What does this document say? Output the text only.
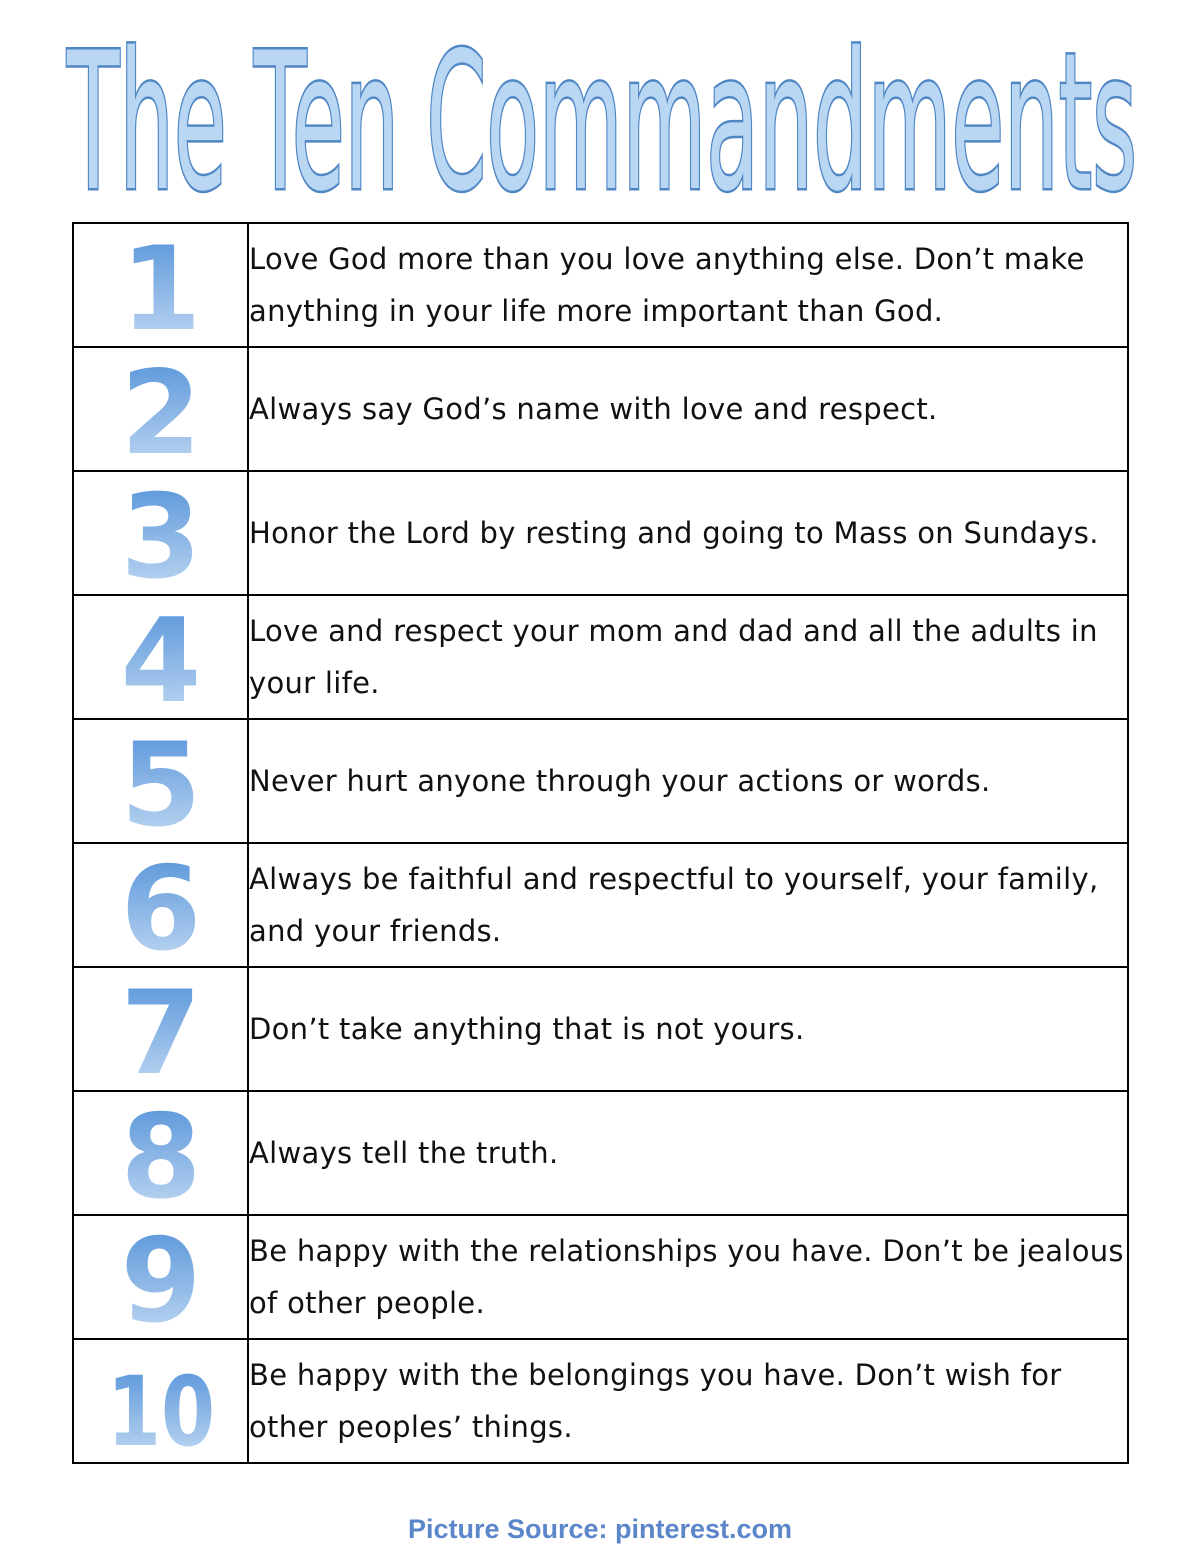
The Ten Commandments
1	Love God more than you love anything else. Don’t make anything in your life more important than God.

2	Always say God’s name with love and respect.

3	Honor the Lord by resting and going to Mass on Sundays.

4	Love and respect your mom and dad and all the adults in your life.

5	Never hurt anyone through your actions or words.

6	Always be faithful and respectful to yourself, your family, and your friends.

7	Don’t take anything that is not yours.

8	Always tell the truth.

9	Be happy with the relationships you have. Don’t be jealous of other people.

10	Be happy with the belongings you have. Don’t wish for other peoples’ things.
Picture Source: pinterest.com
